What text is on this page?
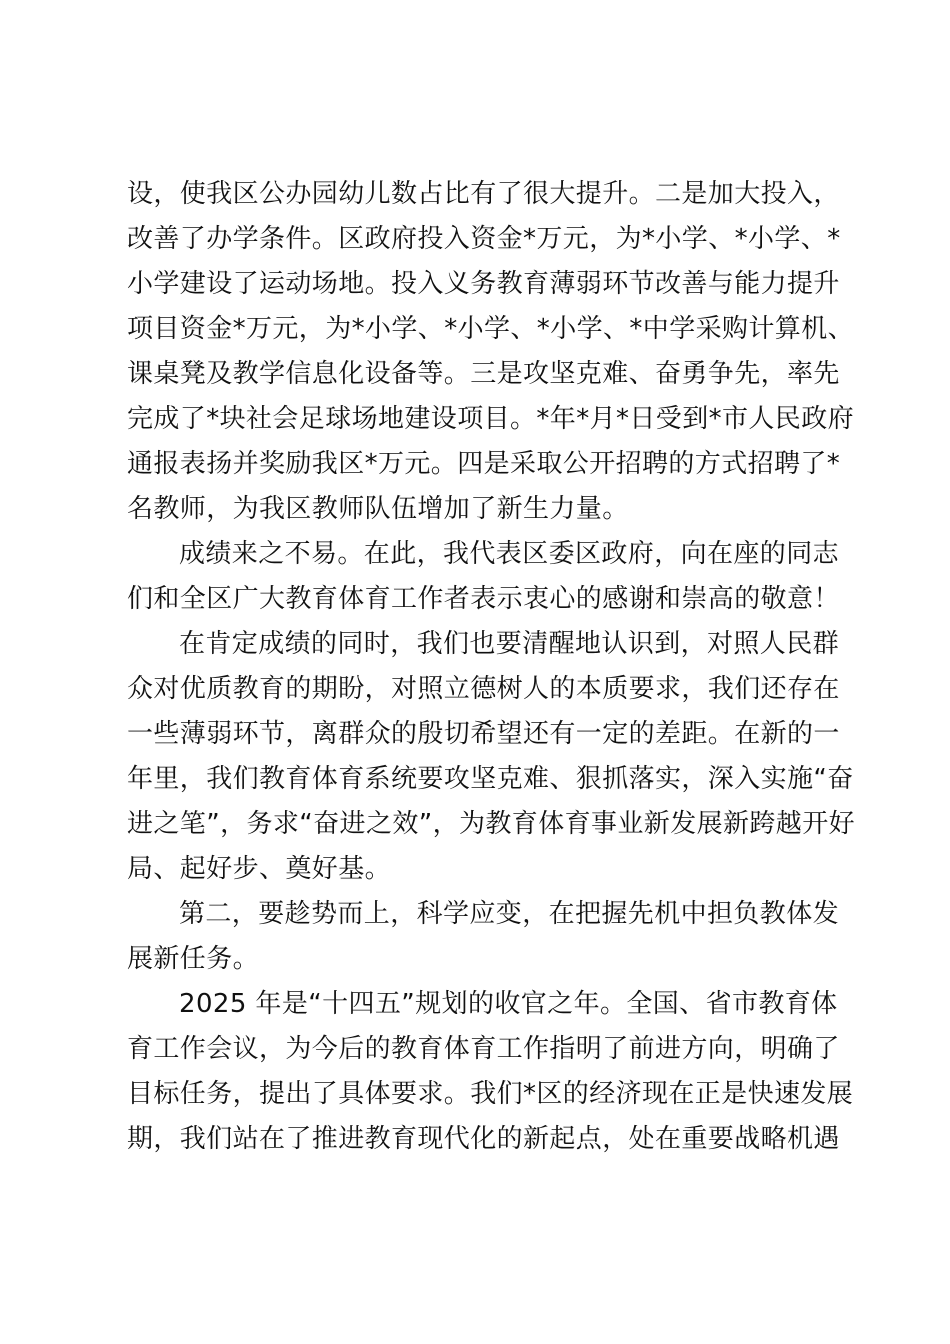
设，使我区公办园幼儿数占比有了很大提升。二是加大投入，
改善了办学条件。区政府投入资金*万元，为*小学、*小学、*
小学建设了运动场地。投入义务教育薄弱环节改善与能力提升
项目资金*万元，为*小学、*小学、*小学、*中学采购计算机、
课桌凳及教学信息化设备等。三是攻坚克难、奋勇争先，率先
完成了*块社会足球场地建设项目。*年*月*日受到*市人民政府
通报表扬并奖励我区*万元。四是采取公开招聘的方式招聘了*
名教师，为我区教师队伍增加了新生力量。
成绩来之不易。在此，我代表区委区政府，向在座的同志
们和全区广大教育体育工作者表示衷心的感谢和崇高的敬意！
在肯定成绩的同时，我们也要清醒地认识到，对照人民群
众对优质教育的期盼，对照立德树人的本质要求，我们还存在
一些薄弱环节，离群众的殷切希望还有一定的差距。在新的一
年里，我们教育体育系统要攻坚克难、狠抓落实，深入实施“奋
进之笔”，务求“奋进之效”，为教育体育事业新发展新跨越开好
局、起好步、奠好基。
第二，要趁势而上，科学应变，在把握先机中担负教体发
展新任务。
2025 年是“十四五”规划的收官之年。全国、省市教育体
育工作会议，为今后的教育体育工作指明了前进方向，明确了
目标任务，提出了具体要求。我们*区的经济现在正是快速发展
期，我们站在了推进教育现代化的新起点，处在重要战略机遇
